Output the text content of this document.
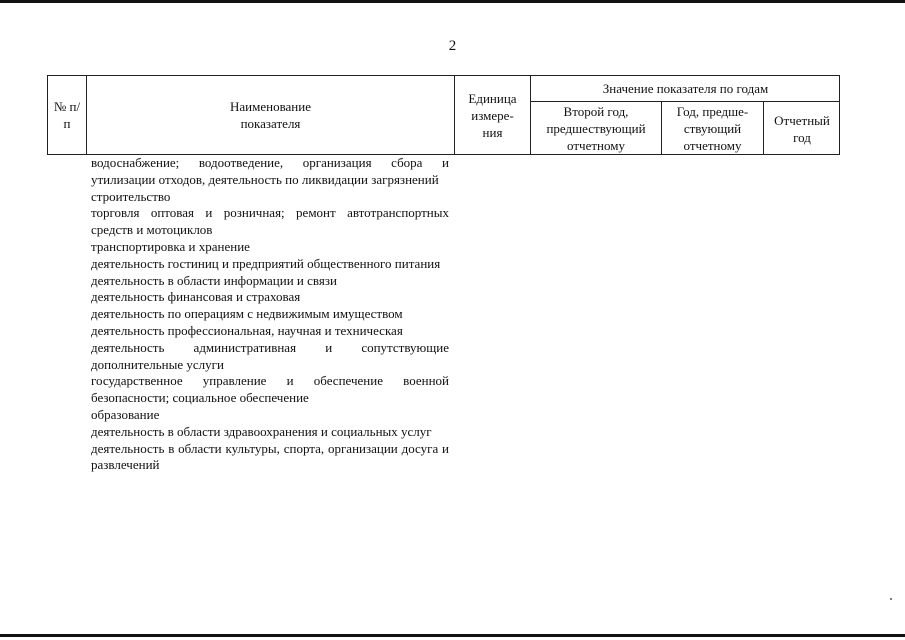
2
№ п/п
Наименование показателя
Единица измере-ния
Значение показателя по годам
Второй год, предшествующий отчетному
Год, предше-ствующий отчетному
Отчетный год

водоснабжение; водоотведение, организация сбора и утилизации отходов, деятельность по ликвидации загрязнений

строительство

торговля оптовая и розничная; ремонт автотранспортных средств и мотоциклов

транспортировка и хранение

деятельность гостиниц и предприятий общественного питания

деятельность в области информации и связи

деятельность финансовая и страховая

деятельность по операциям с недвижимым имуществом

деятельность профессиональная, научная и техническая

деятельность административная и сопутствующие дополнительные услуги

государственное управление и обеспечение военной безопасности; социальное обеспечение

образование

деятельность в области здравоохранения и социальных услуг

деятельность в области культуры, спорта, организации досуга и развлечений
